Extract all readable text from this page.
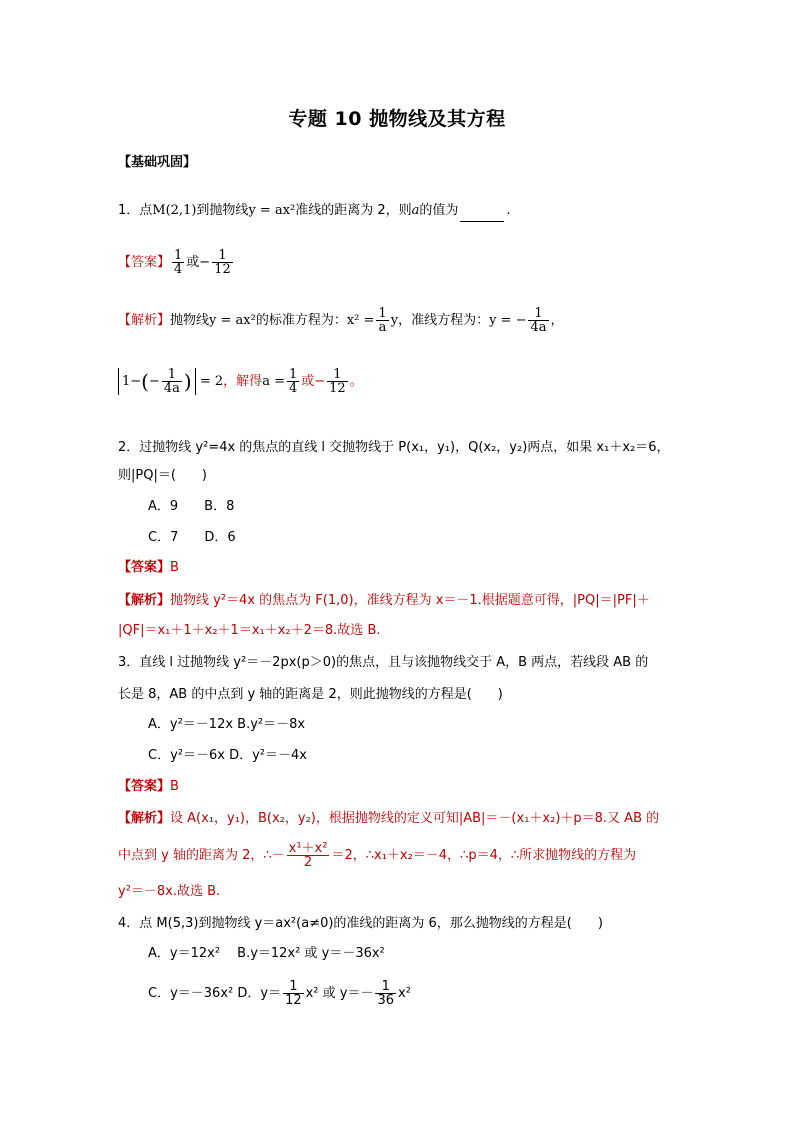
专题 10 抛物线及其方程
【基础巩固】
1．点M(2,1)到抛物线y = ax²准线的距离为 2，则a的值为	.
【答案】 $\frac{1}{4}$ 或− $\frac{1}{12}$
【解析】抛物线y = ax²的标准方程为：$x^2 = \frac{1}{a}$ y，准线方程为：y = − $\frac{1}{4a}$ ，
$1-(- \frac{1}{4a}$ ) = 2，解得$a = \frac{1}{4}$ 或− $\frac{1}{12}$ 。
2．过抛物线 y²=4x 的焦点的直线 l 交抛物线于 P(x₁，y₁)，Q(x₂，y₂)两点，如果 x₁＋x₂＝6，
则|PQ|＝(　　)
A．9　　B．8
C．7　　D．6
【答案】B
【解析】抛物线 y²＝4x 的焦点为 F(1,0)，准线方程为 x＝－1.根据题意可得，|PQ|＝|PF|＋
|QF|＝x₁＋1＋x₂＋1＝x₁＋x₂＋2＝8.故选 B.
3．直线 l 过抛物线 y²＝－2px(p＞0)的焦点，且与该抛物线交于 A，B 两点，若线段 AB 的
长是 8，AB 的中点到 y 轴的距离是 2，则此抛物线的方程是(　　)
A．y²＝－12x B.y²＝－8x
C．y²＝－6x D．y²＝－4x
【答案】B
【解析】设 A(x₁，y₁)，B(x₂，y₂)，根据抛物线的定义可知|AB|＝－(x₁＋x₂)＋p＝8.又 AB 的
中点到 y 轴的距离为 2，∴－ $\frac{\text{x¹＋x²}}{2} =2$，∴x₁＋x₂＝－4，∴p＝4，∴所求抛物线的方程为
y²＝－8x.故选 B.
4．点 M(5,3)到抛物线 y＝ax²(a≠0)的准线的距离为 6，那么抛物线的方程是(　　)
A．y＝12x²　 B.y＝12x² 或 y＝－36x²
C．y＝－36x² D．$y= \frac{1}{12} x^2$ 或 $y=- \frac{1}{36} x^2$
